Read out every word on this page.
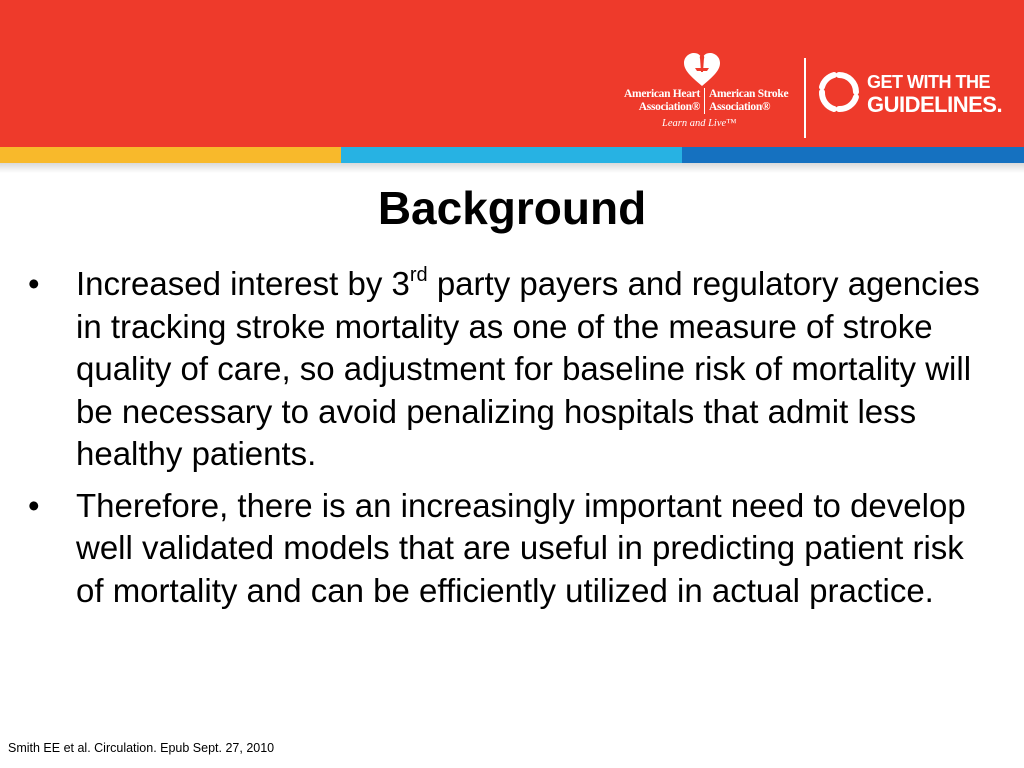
American Heart
Association®
American Stroke
Association®
Learn and Live™
GET WITH THE
GUIDELINES.
Background
• Increased interest by 3rd party payers and regulatory agencies in tracking stroke mortality as one of the measure of stroke quality of care, so adjustment for baseline risk of mortality will be necessary to avoid penalizing hospitals that admit less healthy patients.
• Therefore, there is an increasingly important need to develop well validated models that are useful in predicting patient risk of mortality and can be efficiently utilized in actual practice.
Smith EE et al. Circulation. Epub Sept. 27, 2010
